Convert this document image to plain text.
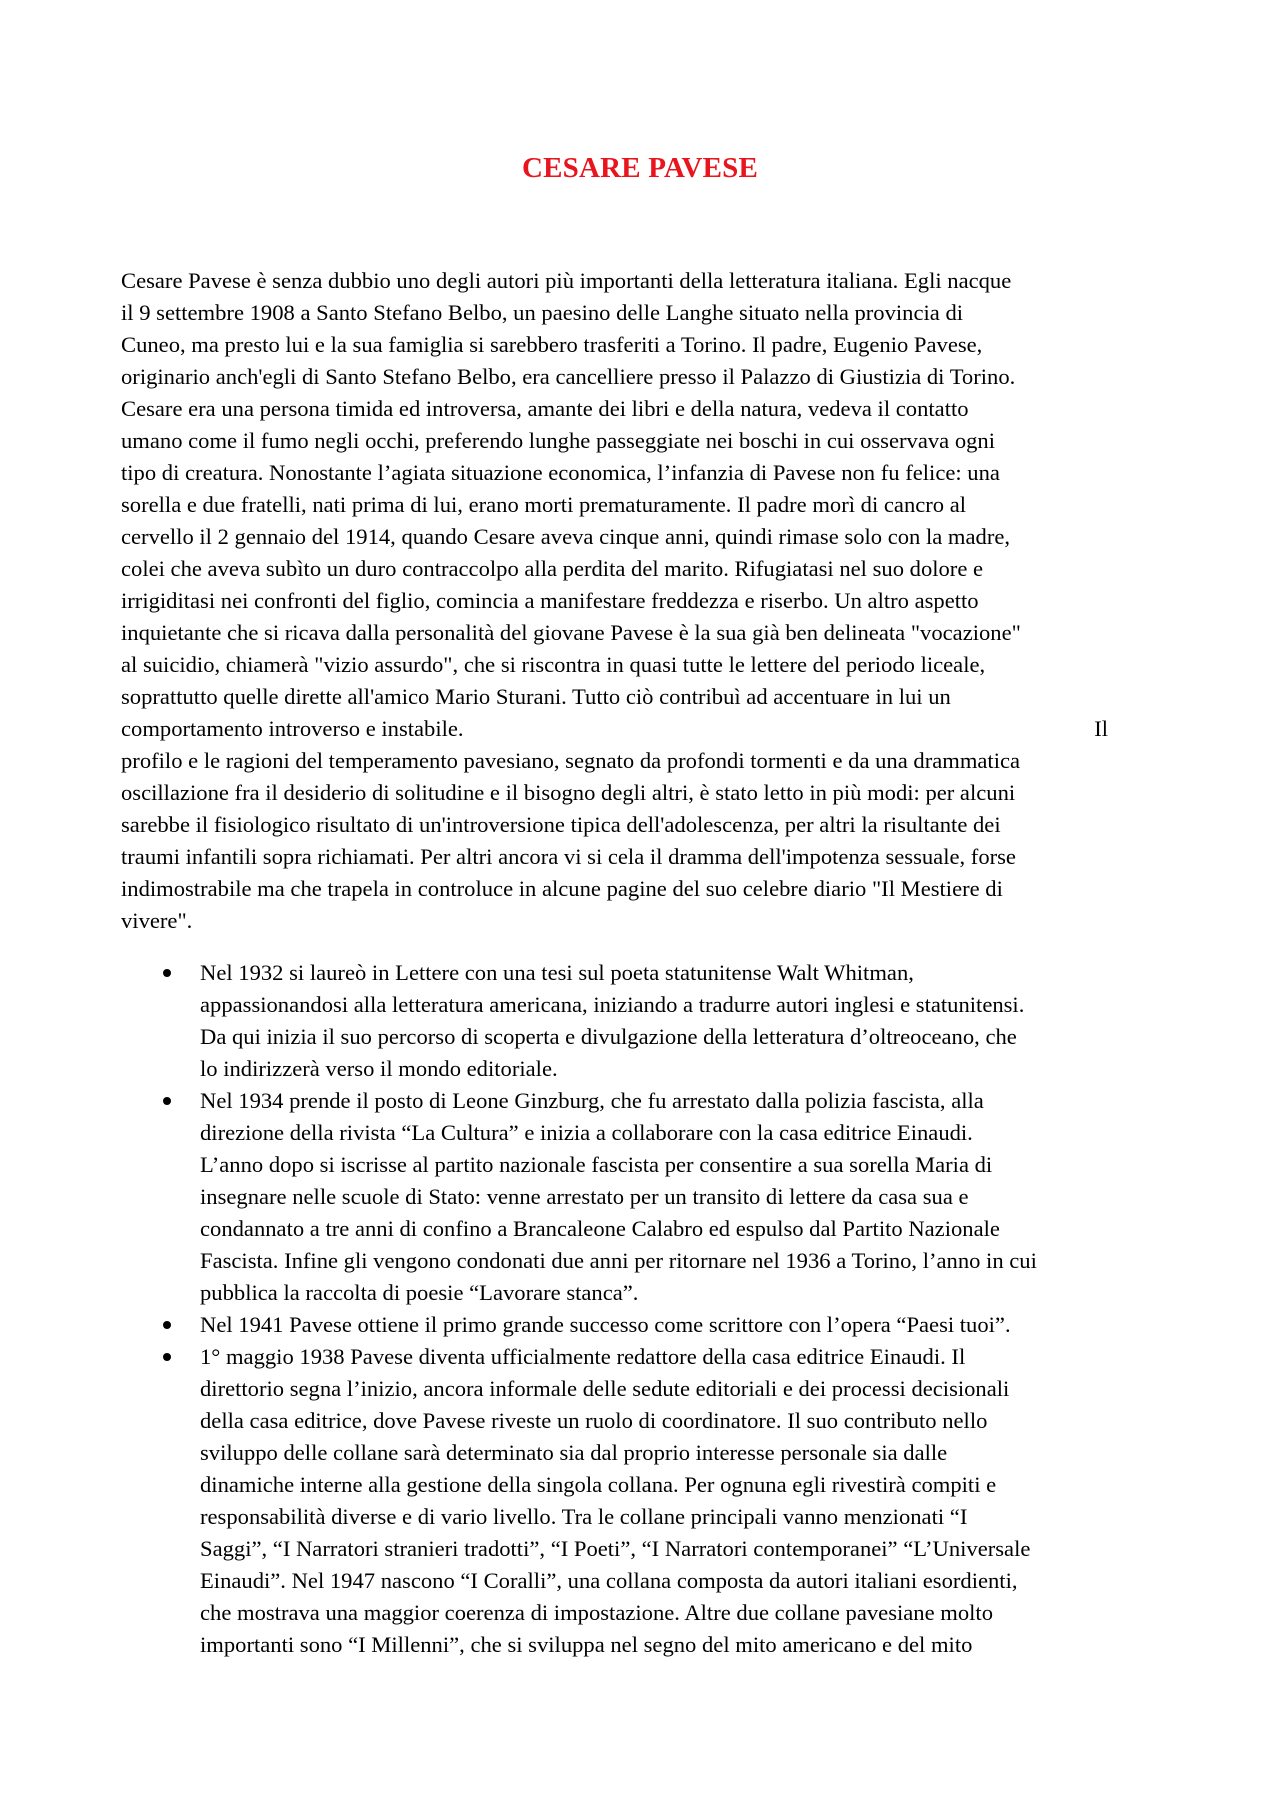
CESARE PAVESE
Cesare Pavese è senza dubbio uno degli autori più importanti della letteratura italiana. Egli nacque
il 9 settembre 1908 a Santo Stefano Belbo, un paesino delle Langhe situato nella provincia di
Cuneo, ma presto lui e la sua famiglia si sarebbero trasferiti a Torino. Il padre, Eugenio Pavese,
originario anch'egli di Santo Stefano Belbo, era cancelliere presso il Palazzo di Giustizia di Torino.
Cesare era una persona timida ed introversa, amante dei libri e della natura, vedeva il contatto
umano come il fumo negli occhi, preferendo lunghe passeggiate nei boschi in cui osservava ogni
tipo di creatura. Nonostante l’agiata situazione economica, l’infanzia di Pavese non fu felice: una
sorella e due fratelli, nati prima di lui, erano morti prematuramente. Il padre morì di cancro al
cervello il 2 gennaio del 1914, quando Cesare aveva cinque anni, quindi rimase solo con la madre,
colei che aveva subìto un duro contraccolpo alla perdita del marito. Rifugiatasi nel suo dolore e
irrigiditasi nei confronti del figlio, comincia a manifestare freddezza e riserbo. Un altro aspetto
inquietante che si ricava dalla personalità del giovane Pavese è la sua già ben delineata "vocazione"
al suicidio, chiamerà "vizio assurdo", che si riscontra in quasi tutte le lettere del periodo liceale,
soprattutto quelle dirette all'amico Mario Sturani. Tutto ciò contribuì ad accentuare in lui un
comportamento introverso e instabile.	Il
profilo e le ragioni del temperamento pavesiano, segnato da profondi tormenti e da una drammatica
oscillazione fra il desiderio di solitudine e il bisogno degli altri, è stato letto in più modi: per alcuni
sarebbe il fisiologico risultato di un'introversione tipica dell'adolescenza, per altri la risultante dei
traumi infantili sopra richiamati. Per altri ancora vi si cela il dramma dell'impotenza sessuale, forse
indimostrabile ma che trapela in controluce in alcune pagine del suo celebre diario "Il Mestiere di
vivere".
Nel 1932 si laureò in Lettere con una tesi sul poeta statunitense Walt Whitman,
appassionandosi alla letteratura americana, iniziando a tradurre autori inglesi e statunitensi.
Da qui inizia il suo percorso di scoperta e divulgazione della letteratura d’oltreoceano, che
lo indirizzerà verso il mondo editoriale.
Nel 1934 prende il posto di Leone Ginzburg, che fu arrestato dalla polizia fascista, alla
direzione della rivista “La Cultura” e inizia a collaborare con la casa editrice Einaudi.
L’anno dopo si iscrisse al partito nazionale fascista per consentire a sua sorella Maria di
insegnare nelle scuole di Stato: venne arrestato per un transito di lettere da casa sua e
condannato a tre anni di confino a Brancaleone Calabro ed espulso dal Partito Nazionale
Fascista. Infine gli vengono condonati due anni per ritornare nel 1936 a Torino, l’anno in cui
pubblica la raccolta di poesie “Lavorare stanca”.
Nel 1941 Pavese ottiene il primo grande successo come scrittore con l’opera “Paesi tuoi”.
1° maggio 1938 Pavese diventa ufficialmente redattore della casa editrice Einaudi. Il
direttorio segna l’inizio, ancora informale delle sedute editoriali e dei processi decisionali
della casa editrice, dove Pavese riveste un ruolo di coordinatore. Il suo contributo nello
sviluppo delle collane sarà determinato sia dal proprio interesse personale sia dalle
dinamiche interne alla gestione della singola collana. Per ognuna egli rivestirà compiti e
responsabilità diverse e di vario livello. Tra le collane principali vanno menzionati “I
Saggi”, “I Narratori stranieri tradotti”, “I Poeti”, “I Narratori contemporanei” “L’Universale
Einaudi”. Nel 1947 nascono “I Coralli”, una collana composta da autori italiani esordienti,
che mostrava una maggior coerenza di impostazione. Altre due collane pavesiane molto
importanti sono “I Millenni”, che si sviluppa nel segno del mito americano e del mito
